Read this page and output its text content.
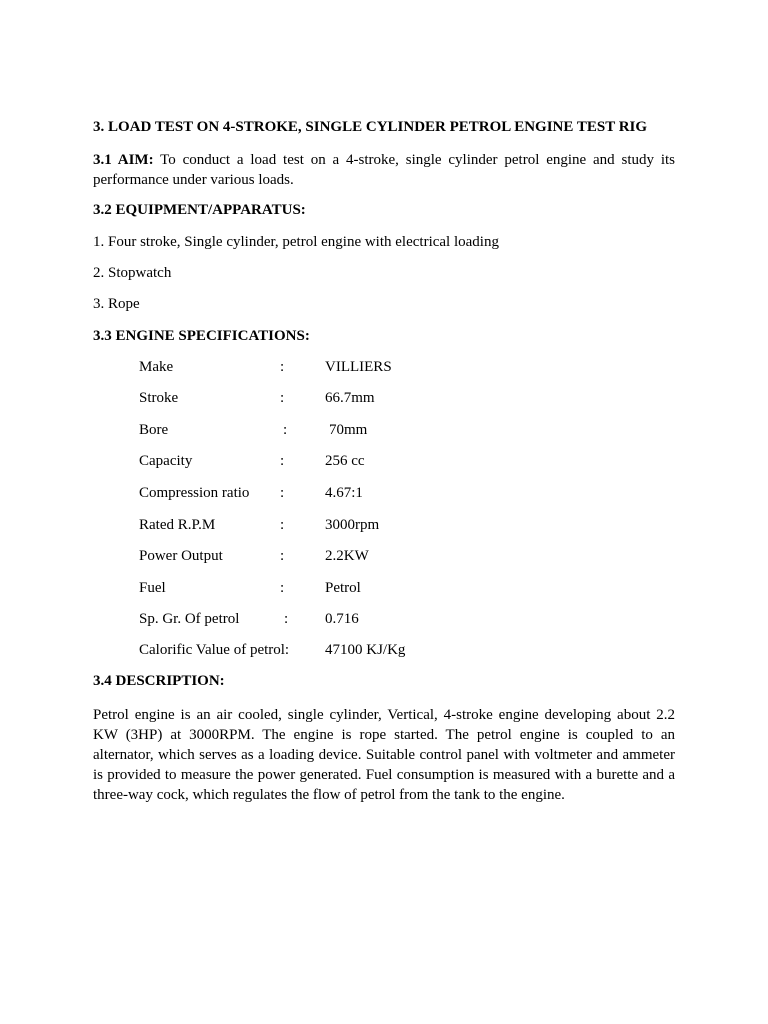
3. LOAD TEST ON 4-STROKE, SINGLE CYLINDER PETROL ENGINE TEST RIG
3.1 AIM: To conduct a load test on a 4-stroke, single cylinder petrol engine and study its performance under various loads.
3.2 EQUIPMENT/APPARATUS:
1. Four stroke, Single cylinder, petrol engine with electrical loading
2. Stopwatch
3. Rope
3.3 ENGINE SPECIFICATIONS:
Make	:	VILLIERS
Stroke	:	66.7mm
Bore	:	70mm
Capacity	:	256 cc
Compression ratio :	4.67:1
Rated R.P.M	:	3000rpm
Power Output	:	2.2KW
Fuel	:	Petrol
Sp. Gr. Of petrol	: 0.716
Calorific Value of petrol: 47100 KJ/Kg
3.4 DESCRIPTION:
Petrol engine is an air cooled, single cylinder, Vertical, 4-stroke engine developing about 2.2 KW (3HP) at 3000RPM. The engine is rope started. The petrol engine is coupled to an alternator, which serves as a loading device. Suitable control panel with voltmeter and ammeter is provided to measure the power generated. Fuel consumption is measured with a burette and a three-way cock, which regulates the flow of petrol from the tank to the engine.
